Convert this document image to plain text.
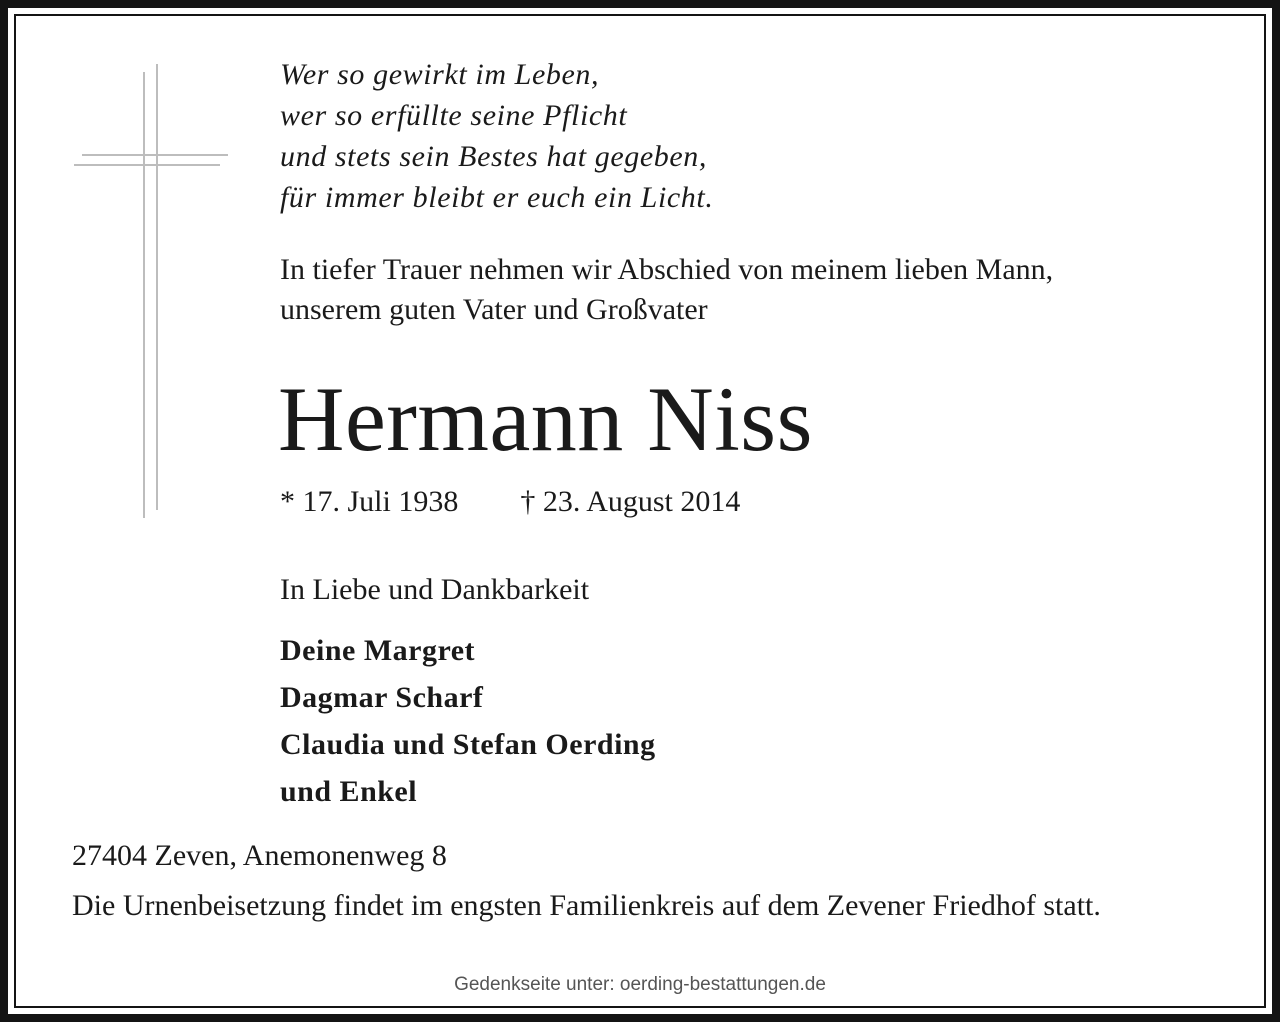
Wer so gewirkt im Leben,
wer so erfüllte seine Pflicht
und stets sein Bestes hat gegeben,
für immer bleibt er euch ein Licht.
In tiefer Trauer nehmen wir Abschied von meinem lieben Mann,
unserem guten Vater und Großvater
Hermann Niss
* 17. Juli 1938 † 23. August 2014
In Liebe und Dankbarkeit
Deine Margret
Dagmar Scharf
Claudia und Stefan Oerding
und Enkel
27404 Zeven, Anemonenweg 8
Die Urnenbeisetzung findet im engsten Familienkreis auf dem Zevener Friedhof statt.
Gedenkseite unter: oerding-bestattungen.de
